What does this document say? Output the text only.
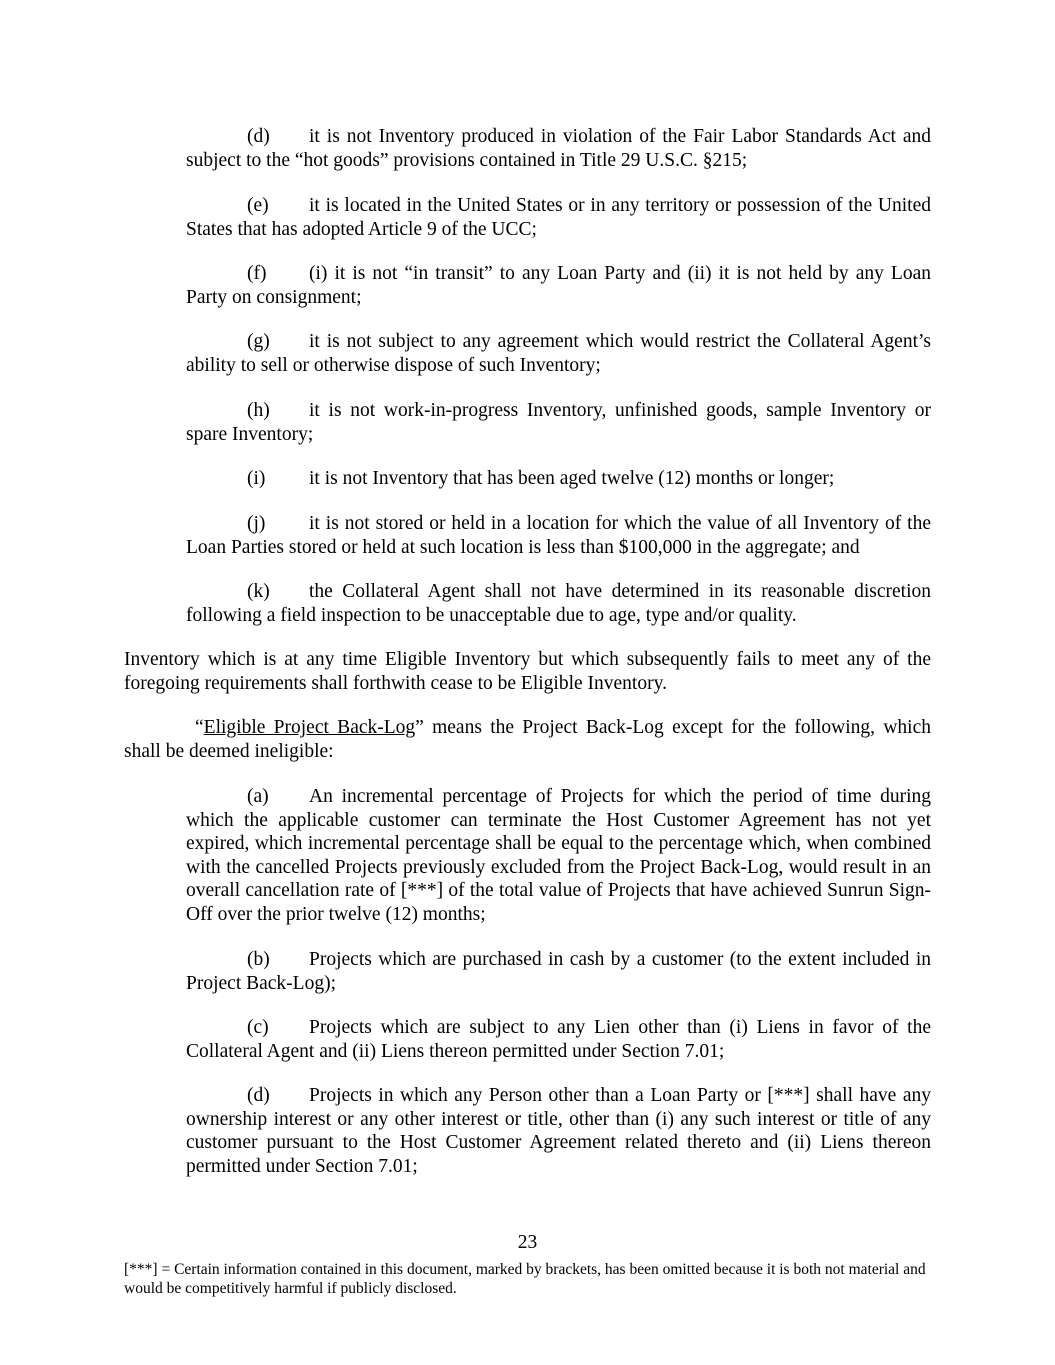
(d) it is not Inventory produced in violation of the Fair Labor Standards Act and subject to the “hot goods” provisions contained in Title 29 U.S.C. §215;

(e) it is located in the United States or in any territory or possession of the United States that has adopted Article 9 of the UCC;

(f) (i) it is not “in transit” to any Loan Party and (ii) it is not held by any Loan Party on consignment;

(g) it is not subject to any agreement which would restrict the Collateral Agent’s ability to sell or otherwise dispose of such Inventory;

(h) it is not work-in-progress Inventory, unfinished goods, sample Inventory or spare Inventory;

(i) it is not Inventory that has been aged twelve (12) months or longer;

(j) it is not stored or held in a location for which the value of all Inventory of the Loan Parties stored or held at such location is less than $100,000 in the aggregate; and

(k) the Collateral Agent shall not have determined in its reasonable discretion following a field inspection to be unacceptable due to age, type and/or quality.

Inventory which is at any time Eligible Inventory but which subsequently fails to meet any of the foregoing requirements shall forthwith cease to be Eligible Inventory.

“Eligible Project Back-Log” means the Project Back-Log except for the following, which shall be deemed ineligible:

(a) An incremental percentage of Projects for which the period of time during which the applicable customer can terminate the Host Customer Agreement has not yet expired, which incremental percentage shall be equal to the percentage which, when combined with the cancelled Projects previously excluded from the Project Back-Log, would result in an overall cancellation rate of [***] of the total value of Projects that have achieved Sunrun Sign-Off over the prior twelve (12) months;

(b) Projects which are purchased in cash by a customer (to the extent included in Project Back-Log);

(c) Projects which are subject to any Lien other than (i) Liens in favor of the Collateral Agent and (ii) Liens thereon permitted under Section 7.01;

(d) Projects in which any Person other than a Loan Party or [***] shall have any ownership interest or any other interest or title, other than (i) any such interest or title of any customer pursuant to the Host Customer Agreement related thereto and (ii) Liens thereon permitted under Section 7.01;

23
[***] = Certain information contained in this document, marked by brackets, has been omitted because it is both not material and would be competitively harmful if publicly disclosed.
